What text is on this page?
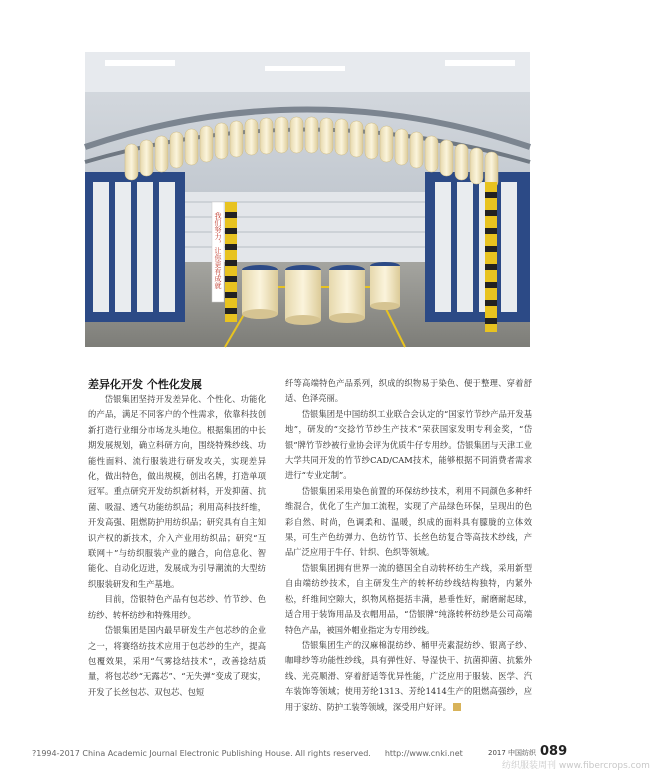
我们努力，让你更有成就
差异化开发 个性化发展

岱银集团坚持开发差异化、个性化、功能化的产品，满足不同客户的个性需求，依靠科技创新打造行业细分市场龙头地位。根据集团的中长期发展规划，确立科研方向，围绕特殊纱线、功能性面料、流行服装进行研发攻关，实现差异化，做出特色，做出规模，创出名牌，打造单项冠军。重点研究开发纺织新材料，开发抑菌、抗菌、吸湿、透气功能纺织品；利用高科技纤维，开发高强、阻燃防护用纺织品；研究具有自主知识产权的新技术，介入产业用纺织品；研究“互联网＋”与纺织服装产业的融合，向信息化、智能化、自动化迈进，发展成为引导潮流的大型纺织服装研发和生产基地。

目前，岱银特色产品有包芯纱、竹节纱、色纺纱、转杯纺纱和特殊用纱。

岱银集团是国内最早研发生产包芯纱的企业之一，将赛络纺技术应用于包芯纱的生产，提高包覆效果，采用“气雾捻结技术”，改善捻结质量，将包芯纱“无露芯”、“无失弹”变成了现实，开发了长丝包芯、双包芯、包短

纤等高端特色产品系列，织成的织物易于染色、便于整理、穿着舒适、色泽亮丽。

岱银集团是中国纺织工业联合会认定的“国家竹节纱产品开发基地”，研发的“交捻竹节纱生产技术”荣获国家发明专利金奖，“岱银”牌竹节纱被行业协会评为优质牛仔专用纱。岱银集团与天津工业大学共同开发的竹节纱CAD/CAM技术，能够根据不同消费者需求进行“专业定制”。

岱银集团采用染色前置的环保纺纱技术，利用不同颜色多种纤维混合，优化了生产加工流程，实现了产品绿色环保，呈现出的色彩自然、时尚，色调柔和、温暖，织成的面料具有朦胧的立体效果，可生产色纺弹力、色纺竹节、长丝色纺复合等高技术纱线，产品广泛应用于牛仔、针织、色织等领域。

岱银集团拥有世界一流的德国全自动转杯纺生产线，采用新型自由端纺纱技术，自主研发生产的转杯纺纱线结构独特，内紧外松，纤维间空隙大，织物风格挺括丰满，悬垂性好，耐磨耐起球，适合用于装饰用品及衣帽用品，“岱银牌”纯涤转杯纺纱是公司高端特色产品，被国外帽业指定为专用纱线。

岱银集团生产的汉麻棉混纺纱、桶甲壳素混纺纱、银离子纱、咖啡纱等功能性纱线，具有弹性好、导湿快干、抗菌抑菌、抗紫外线、光亮顺滑、穿着舒适等优异性能，广泛应用于服装、医学、汽车装饰等领域；使用芳纶1313、芳纶1414生产的阻燃高强纱，应用于家纺、防护工装等领域，深受用户好评。

?1994-2017 China Academic Journal Electronic Publishing House. All rights reserved. http://www.cnki.net	2017 中国纺织 089
纺织服装周刊 www.fibercrops.com
